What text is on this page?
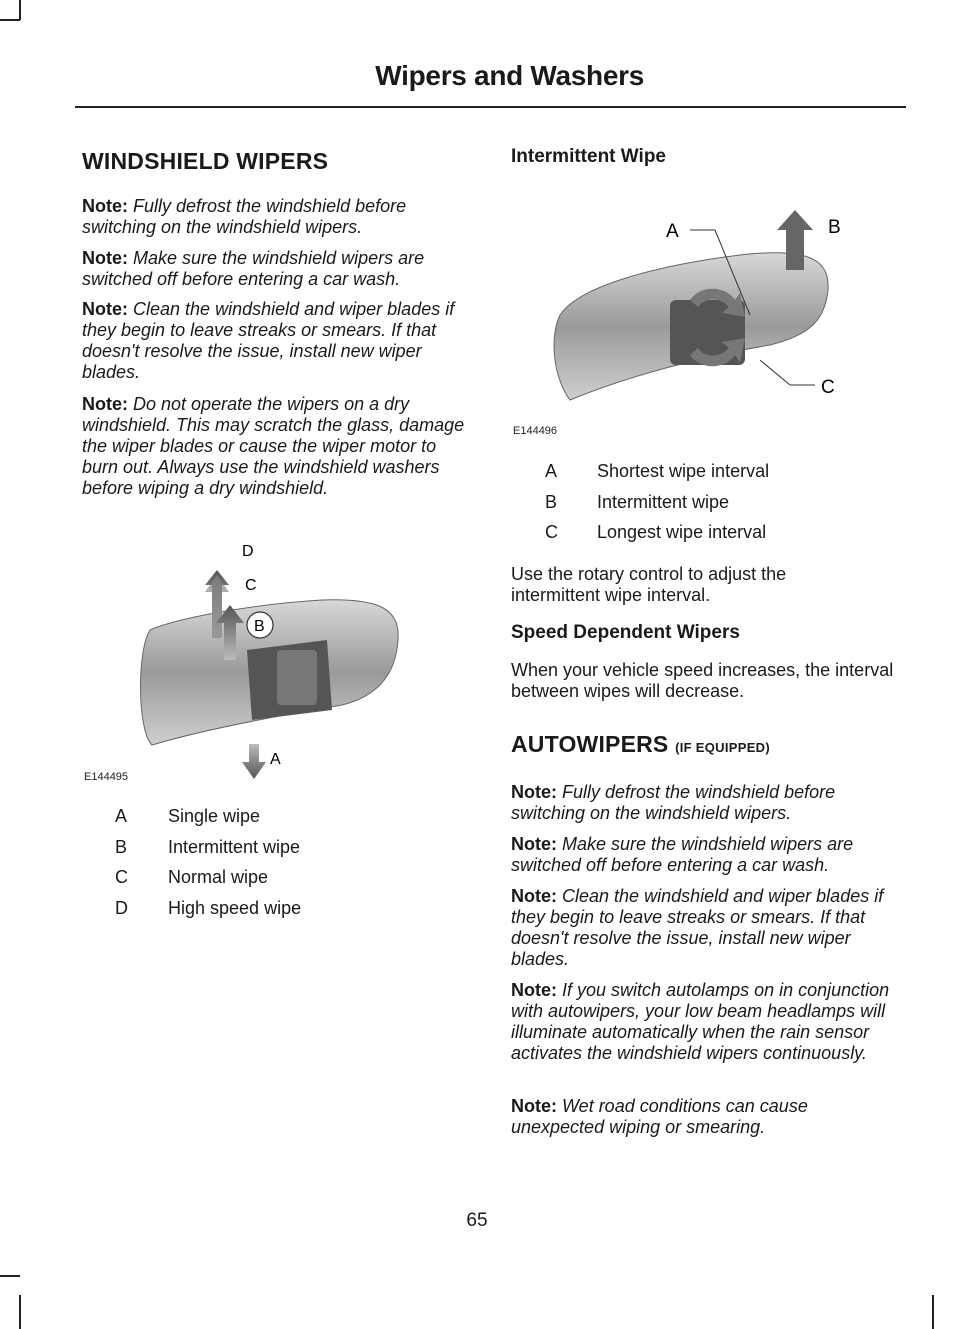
Wipers and Washers
WINDSHIELD WIPERS

Note: Fully defrost the windshield before switching on the windshield wipers.

Note: Make sure the windshield wipers are switched off before entering a car wash.

Note: Clean the windshield and wiper blades if they begin to leave streaks or smears. If that doesn't resolve the issue, install new wiper blades.

Note: Do not operate the wipers on a dry windshield. This may scratch the glass, damage the wiper blades or cause the wiper motor to burn out. Always use the windshield washers before wiping a dry windshield.

D
C
B
A
E144495
A Single wipe
B Intermittent wipe
C Normal wipe
D High speed wipe
Intermittent Wipe
A	B
C
E144496
A Shortest wipe interval
B Intermittent wipe
C Longest wipe interval

Use the rotary control to adjust the intermittent wipe interval.

Speed Dependent Wipers

When your vehicle speed increases, the interval between wipes will decrease.

AUTOWIPERS (IF EQUIPPED)

Note: Fully defrost the windshield before switching on the windshield wipers.

Note: Make sure the windshield wipers are switched off before entering a car wash.

Note: Clean the windshield and wiper blades if they begin to leave streaks or smears. If that doesn't resolve the issue, install new wiper blades.

Note: If you switch autolamps on in conjunction with autowipers, your low beam headlamps will illuminate automatically when the rain sensor activates the windshield wipers continuously.

Note: Wet road conditions can cause unexpected wiping or smearing.

65
